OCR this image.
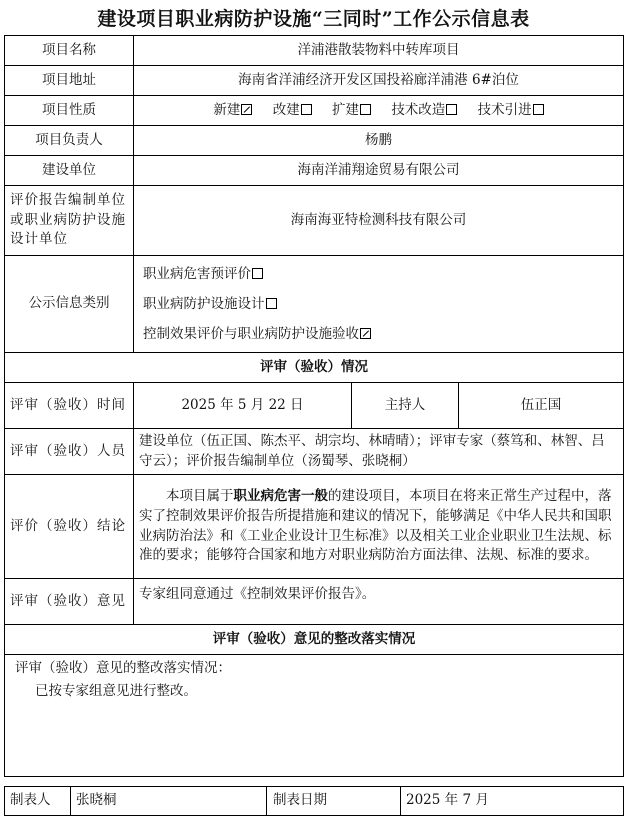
建设项目职业病防护设施“三同时”工作公示信息表
项目名称	洋浦港散装物料中转库项目		
项目地址	海南省洋浦经济开发区国投裕廊洋浦港 6#泊位		
项目性质	新建 改建 扩建 技术改造 技术引进		
项目负责人	杨鹏		
建设单位	海南洋浦翔途贸易有限公司		
评价报告编制单位或职业病防护设施设计单位	海南海亚特检测科技有限公司		
公示信息类别	职业病危害预评价
职业病防护设施设计
控制效果评价与职业病防护设施验收		

评审（验收）情况			
评审（验收）时间	2025 年 5 月 22 日	主持人	伍正国
评审（验收）人员	建设单位（伍正国、陈杰平、胡宗均、林晴晴）；评审专家（蔡笃和、林智、吕守云）；评价报告编制单位（汤蜀琴、张晓桐）		
评价（验收）结论	本项目属于职业病危害一般的建设项目，本项目在将来正常生产过程中，落实了控制效果评价报告所提措施和建议的情况下，能够满足《中华人民共和国职业病防治法》和《工业企业设计卫生标准》以及相关工业企业职业卫生法规、标准的要求；能够符合国家和地方对职业病防治方面法律、法规、标准的要求。		
评审（验收）意见	专家组同意通过《控制效果评价报告》。		
评审（验收）意见的整改落实情况			

评审（验收）意见的整改落实情况：
已按专家组意见进行整改。			
制表人	张晓桐	制表日期	2025 年 7 月
